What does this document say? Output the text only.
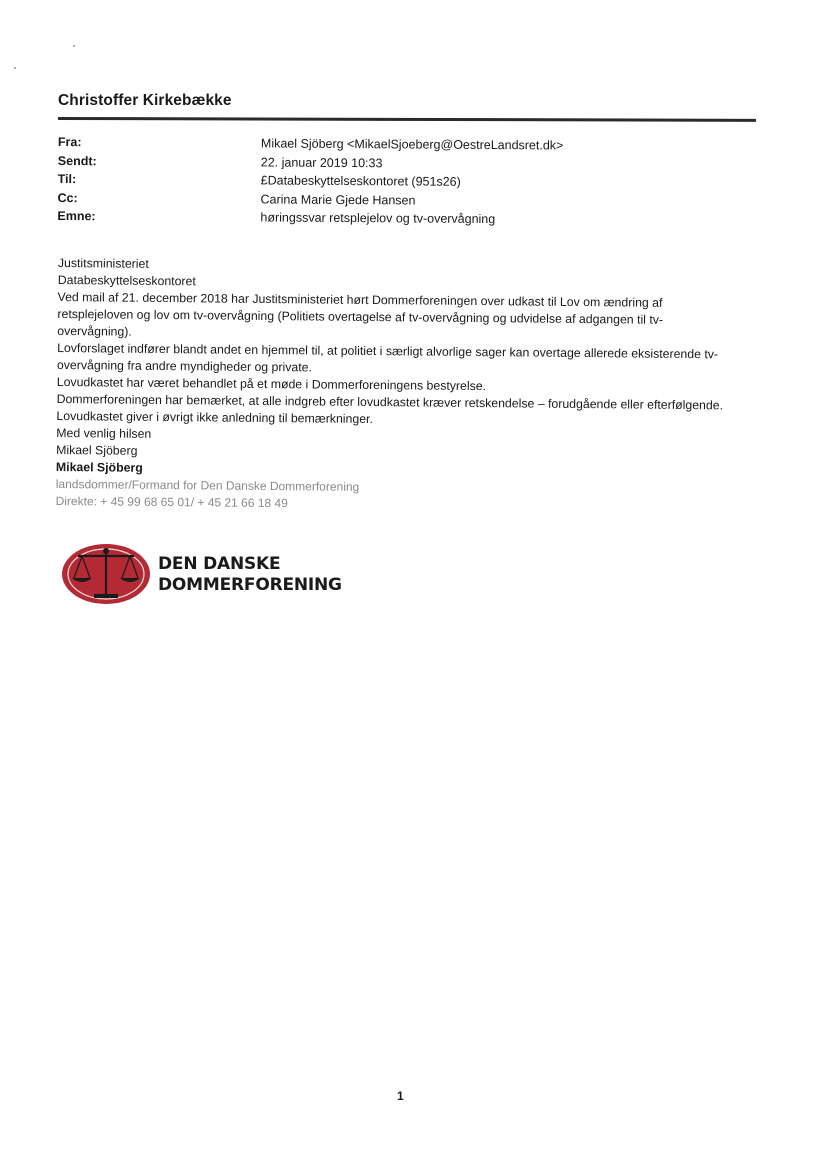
Christoffer Kirkebække
Fra:	Mikael Sjöberg <MikaelSjoeberg@OestreLandsret.dk>
Sendt:	22. januar 2019 10:33
Til:	£Databeskyttelseskontoret (951s26)
Cc:	Carina Marie Gjede Hansen
Emne:	høringssvar retsplejelov og tv-overvågning

Justitsministeriet

Databeskyttelseskontoret

Ved mail af 21. december 2018 har Justitsministeriet hørt Dommerforeningen over udkast til Lov om ændring af retsplejeloven og lov om tv-overvågning (Politiets overtagelse af tv-overvågning og udvidelse af adgangen til tv-overvågning).

Lovforslaget indfører blandt andet en hjemmel til, at politiet i særligt alvorlige sager kan overtage allerede eksisterende tv-overvågning fra andre myndigheder og private.

Lovudkastet har været behandlet på et møde i Dommerforeningens bestyrelse.

Dommerforeningen har bemærket, at alle indgreb efter lovudkastet kræver retskendelse – forudgående eller efterfølgende.

Lovudkastet giver i øvrigt ikke anledning til bemærkninger.

Med venlig hilsen

Mikael Sjöberg

Mikael Sjöberg

landsdommer/Formand for Den Danske Dommerforening

Direkte: + 45 99 68 65 01/ + 45 21 66 18 49

DEN DANSKE
DOMMERFORENING
1
